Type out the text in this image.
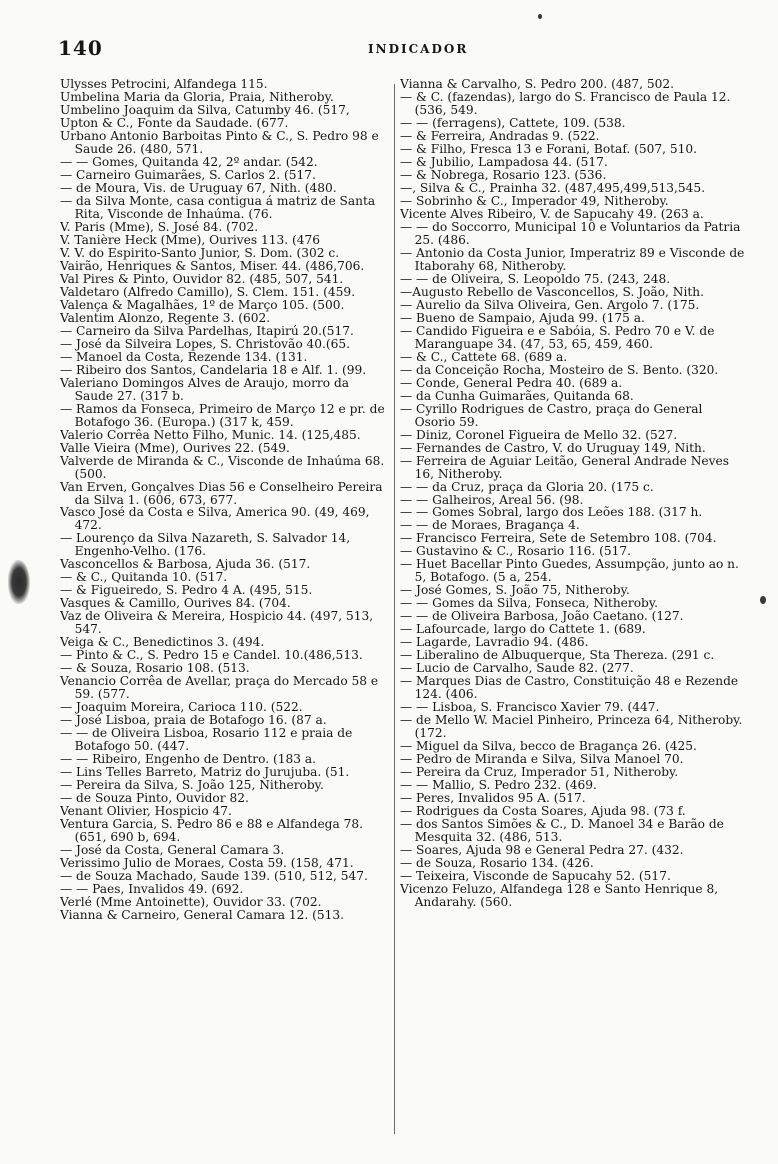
140	INDICADOR

Ulysses Petrocini, Alfandega 115.

Umbelina Maria da Gloria, Praia, Nitheroby.

Umbelino Joaquim da Silva, Catumby 46. (517,

Upton & C., Fonte da Saudade. (677.

Urbano Antonio Barboitas Pinto & C., S. Pedro 98 e Saude 26. (480, 571.

— — Gomes, Quitanda 42, 2º andar. (542.

— Carneiro Guimarães, S. Carlos 2. (517.

— de Moura, Vis. de Uruguay 67, Nith. (480.

— da Silva Monte, casa contigua á matriz de Santa Rita, Visconde de Inhaúma. (76.

V. Paris (Mme), S. José 84. (702.

V. Tanière Heck (Mme), Ourives 113. (476

V. V. do Espirito-Santo Junior, S. Dom. (302 c.

Vairão, Henriques & Santos, Miser. 44. (486,706.

Val Pires & Pinto, Ouvidor 82. (485, 507, 541.

Valdetaro (Alfredo Camillo), S. Clem. 151. (459.

Valença & Magalhães, 1º de Março 105. (500.

Valentim Alonzo, Regente 3. (602.

— Carneiro da Silva Pardelhas, Itapirú 20.(517.

— José da Silveira Lopes, S. Christovão 40.(65.

— Manoel da Costa, Rezende 134. (131.

— Ribeiro dos Santos, Candelaria 18 e Alf. 1. (99.

Valeriano Domingos Alves de Araujo, morro da Saude 27. (317 b.

— Ramos da Fonseca, Primeiro de Março 12 e pr. de Botafogo 36. (Europa.) (317 k, 459.

Valerio Corrêa Netto Filho, Munic. 14. (125,485.

Valle Vieira (Mme), Ourives 22. (549.

Valverde de Miranda & C., Visconde de Inhaúma 68. (500.

Van Erven, Gonçalves Dias 56 e Conselheiro Pereira da Silva 1. (606, 673, 677.

Vasco José da Costa e Silva, America 90. (49, 469, 472.

— Lourenço da Silva Nazareth, S. Salvador 14, Engenho-Velho. (176.

Vasconcellos & Barbosa, Ajuda 36. (517.

— & C., Quitanda 10. (517.

— & Figueiredo, S. Pedro 4 A. (495, 515.

Vasques & Camillo, Ourives 84. (704.

Vaz de Oliveira & Mereira, Hospicio 44. (497, 513, 547.

Veiga & C., Benedictinos 3. (494.

— Pinto & C., S. Pedro 15 e Candel. 10.(486,513.

— & Souza, Rosario 108. (513.

Venancio Corrêa de Avellar, praça do Mercado 58 e 59. (577.

— Joaquim Moreira, Carioca 110. (522.

— José Lisboa, praia de Botafogo 16. (87 a.

— — de Oliveira Lisboa, Rosario 112 e praia de Botafogo 50. (447.

— — Ribeiro, Engenho de Dentro. (183 a.

— Lins Telles Barreto, Matriz do Jurujuba. (51.

— Pereira da Silva, S. João 125, Nitheroby.

— de Souza Pinto, Ouvidor 82.

Venant Olivier, Hospicio 47.

Ventura Garcia, S. Pedro 86 e 88 e Alfandega 78. (651, 690 b, 694.

— José da Costa, General Camara 3.

Verissimo Julio de Moraes, Costa 59. (158, 471.

— de Souza Machado, Saude 139. (510, 512, 547.

— — Paes, Invalidos 49. (692.

Verlé (Mme Antoinette), Ouvidor 33. (702.

Vianna & Carneiro, General Camara 12. (513.

Vianna & Carvalho, S. Pedro 200. (487, 502.

— & C. (fazendas), largo do S. Francisco de Paula 12. (536, 549.

— — (ferragens), Cattete, 109. (538.

— & Ferreira, Andradas 9. (522.

— & Filho, Fresca 13 e Forani, Botaf. (507, 510.

— & Jubilio, Lampadosa 44. (517.

— & Nobrega, Rosario 123. (536.

—, Silva & C., Prainha 32. (487,495,499,513,545.

— Sobrinho & C., Imperador 49, Nitheroby.

Vicente Alves Ribeiro, V. de Sapucahy 49. (263 a.

— — do Soccorro, Municipal 10 e Voluntarios da Patria 25. (486.

— Antonio da Costa Junior, Imperatriz 89 e Visconde de Itaborahy 68, Nitheroby.

— — de Oliveira, S. Leopoldo 75. (243, 248.

—Augusto Rebello de Vasconcellos, S. João, Nith.

— Aurelio da Silva Oliveira, Gen. Argolo 7. (175.

— Bueno de Sampaio, Ajuda 99. (175 a.

— Candido Figueira e e Sabóia, S. Pedro 70 e V. de Maranguape 34. (47, 53, 65, 459, 460.

— & C., Cattete 68. (689 a.

— da Conceição Rocha, Mosteiro de S. Bento. (320.

— Conde, General Pedra 40. (689 a.

— da Cunha Guimarães, Quitanda 68.

— Cyrillo Rodrigues de Castro, praça do General Osorio 59.

— Diniz, Coronel Figueira de Mello 32. (527.

— Fernandes de Castro, V. do Uruguay 149, Nith.

— Ferreira de Aguiar Leitão, General Andrade Neves 16, Nitheroby.

— — da Cruz, praça da Gloria 20. (175 c.

— — Galheiros, Areal 56. (98.

— — Gomes Sobral, largo dos Leões 188. (317 h.

— — de Moraes, Bragança 4.

— Francisco Ferreira, Sete de Setembro 108. (704.

— Gustavino & C., Rosario 116. (517.

— Huet Bacellar Pinto Guedes, Assumpção, junto ao n. 5, Botafogo. (5 a, 254.

— José Gomes, S. João 75, Nitheroby.

— — Gomes da Silva, Fonseca, Nitheroby.

— — de Oliveira Barbosa, João Caetano. (127.

— Lafourcade, largo do Cattete 1. (689.

— Lagarde, Lavradio 94. (486.

— Liberalino de Albuquerque, Sta Thereza. (291 c.

— Lucio de Carvalho, Saude 82. (277.

— Marques Dias de Castro, Constituição 48 e Rezende 124. (406.

— — Lisboa, S. Francisco Xavier 79. (447.

— de Mello W. Maciel Pinheiro, Princeza 64, Nitheroby. (172.

— Miguel da Silva, becco de Bragança 26. (425.

— Pedro de Miranda e Silva, Silva Manoel 70.

— Pereira da Cruz, Imperador 51, Nitheroby.

— — Mallio, S. Pedro 232. (469.

— Peres, Invalidos 95 A. (517.

— Rodrigues da Costa Soares, Ajuda 98. (73 f.

— dos Santos Simões & C., D. Manoel 34 e Barão de Mesquita 32. (486, 513.

— Soares, Ajuda 98 e General Pedra 27. (432.

— de Souza, Rosario 134. (426.

— Teixeira, Visconde de Sapucahy 52. (517.

Vicenzo Feluzo, Alfandega 128 e Santo Henrique 8, Andarahy. (560.
